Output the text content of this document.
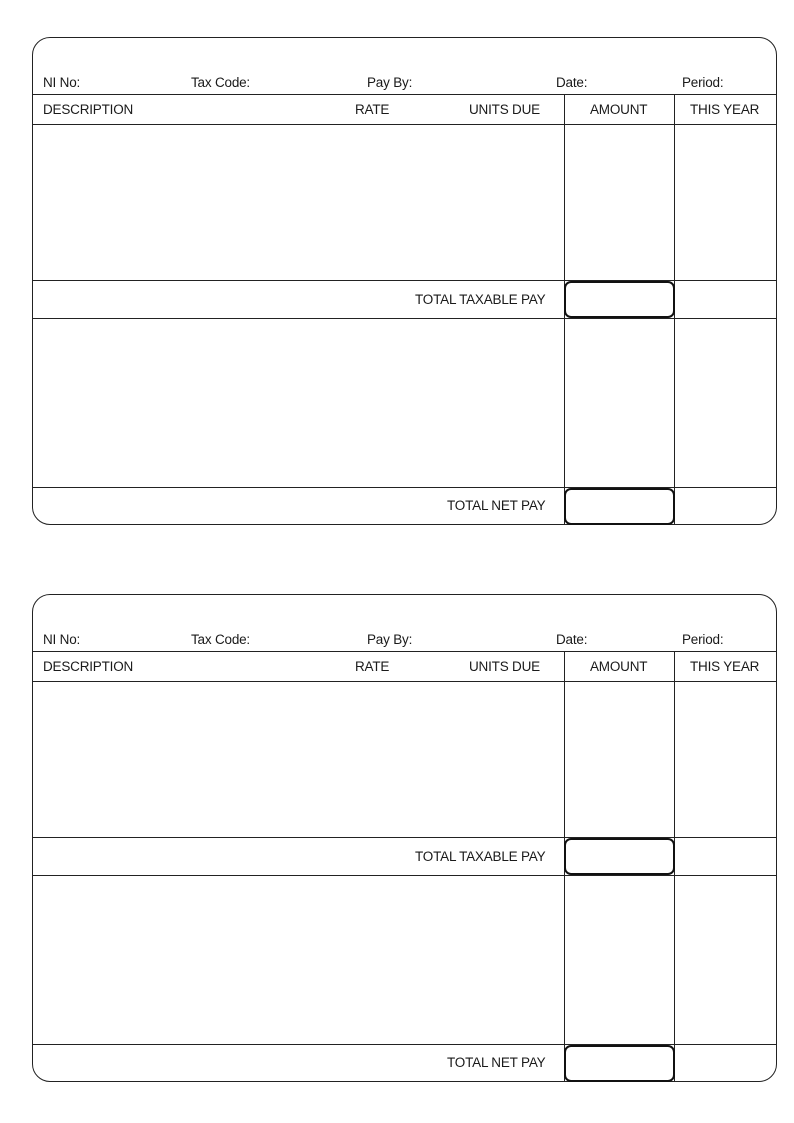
NI No:	Tax Code:	Pay By:	Date:	Period:
DESCRIPTION	RATE	UNITS DUE	AMOUNT	THIS YEAR
TOTAL TAXABLE PAY
TOTAL NET PAY
NI No:	Tax Code:	Pay By:	Date:	Period:
DESCRIPTION	RATE	UNITS DUE	AMOUNT	THIS YEAR
TOTAL TAXABLE PAY
TOTAL NET PAY
